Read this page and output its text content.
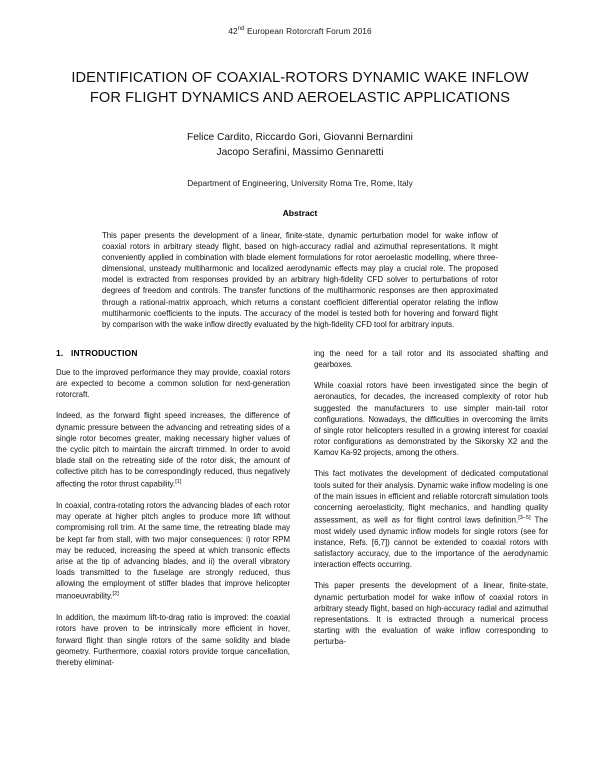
42nd European Rotorcraft Forum 2016
IDENTIFICATION OF COAXIAL-ROTORS DYNAMIC WAKE INFLOW
FOR FLIGHT DYNAMICS AND AEROELASTIC APPLICATIONS
Felice Cardito, Riccardo Gori, Giovanni Bernardini
Jacopo Serafini, Massimo Gennaretti
Department of Engineering, University Roma Tre, Rome, Italy
Abstract
This paper presents the development of a linear, finite-state, dynamic perturbation model for wake inflow of coaxial rotors in arbitrary steady flight, based on high-accuracy radial and azimuthal representations. It might conveniently applied in combination with blade element formulations for rotor aeroelastic modelling, where three-dimensional, unsteady multiharmonic and localized aerodynamic effects may play a crucial role. The proposed model is extracted from responses provided by an arbitrary high-fidelity CFD solver to perturbations of rotor degrees of freedom and controls. The transfer functions of the multiharmonic responses are then approximated through a rational-matrix approach, which returns a constant coefficient differential operator relating the inflow multiharmonic coefficients to the inputs. The accuracy of the model is tested both for hovering and forward flight by comparison with the wake inflow directly evaluated by the high-fidelity CFD tool for arbitrary inputs.
1. INTRODUCTION

Due to the improved performance they may provide, coaxial rotors are expected to become a common solution for next-generation rotorcraft.

Indeed, as the forward flight speed increases, the difference of dynamic pressure between the advancing and retreating sides of a single rotor becomes greater, making necessary higher values of the cyclic pitch to maintain the aircraft trimmed. In order to avoid blade stall on the retreating side of the rotor disk, the amount of collective pitch has to be correspondingly reduced, thus negatively affecting the rotor thrust capability.[1]

In coaxial, contra-rotating rotors the advancing blades of each rotor may operate at higher pitch angles to produce more lift without compromising roll trim. At the same time, the retreating blade may be kept far from stall, with two major consequences: i) rotor RPM may be reduced, increasing the speed at which transonic effects arise at the tip of advancing blades, and ii) the overall vibratory loads transmitted to the fuselage are strongly reduced, thus allowing the employment of stiffer blades that improve helicopter manoeuvrability.[2]

In addition, the maximum lift-to-drag ratio is improved: the coaxial rotors have proven to be intrinsically more efficient in hover, forward flight than single rotors of the same solidity and blade geometry. Furthermore, coaxial rotors provide torque cancellation, thereby eliminat-

ing the need for a tail rotor and its associated shafting and gearboxes.

While coaxial rotors have been investigated since the begin of aeronautics, for decades, the increased complexity of rotor hub suggested the manufacturers to use simpler main-tail rotor configurations. Nowadays, the difficulties in overcoming the limits of single rotor helicopters resulted in a growing interest for coaxial rotor configurations as demonstrated by the Sikorsky X2 and the Kamov Ka-92 projects, among the others.

This fact motivates the development of dedicated computational tools suited for their analysis. Dynamic wake inflow modeling is one of the main issues in efficient and reliable rotorcraft simulation tools concerning aeroelasticity, flight mechanics, and handling quality assessment, as well as for flight control laws definition.[3–5] The most widely used dynamic inflow models for single rotors (see for instance, Refs. [6,7]) cannot be extended to coaxial rotors with satisfactory accuracy, due to the importance of the aerodynamic interaction effects occurring.

This paper presents the development of a linear, finite-state, dynamic perturbation model for wake inflow of coaxial rotors in arbitrary steady flight, based on high-accuracy radial and azimuthal representations. It is extracted through a numerical process starting with the evaluation of wake inflow corresponding to perturba-
